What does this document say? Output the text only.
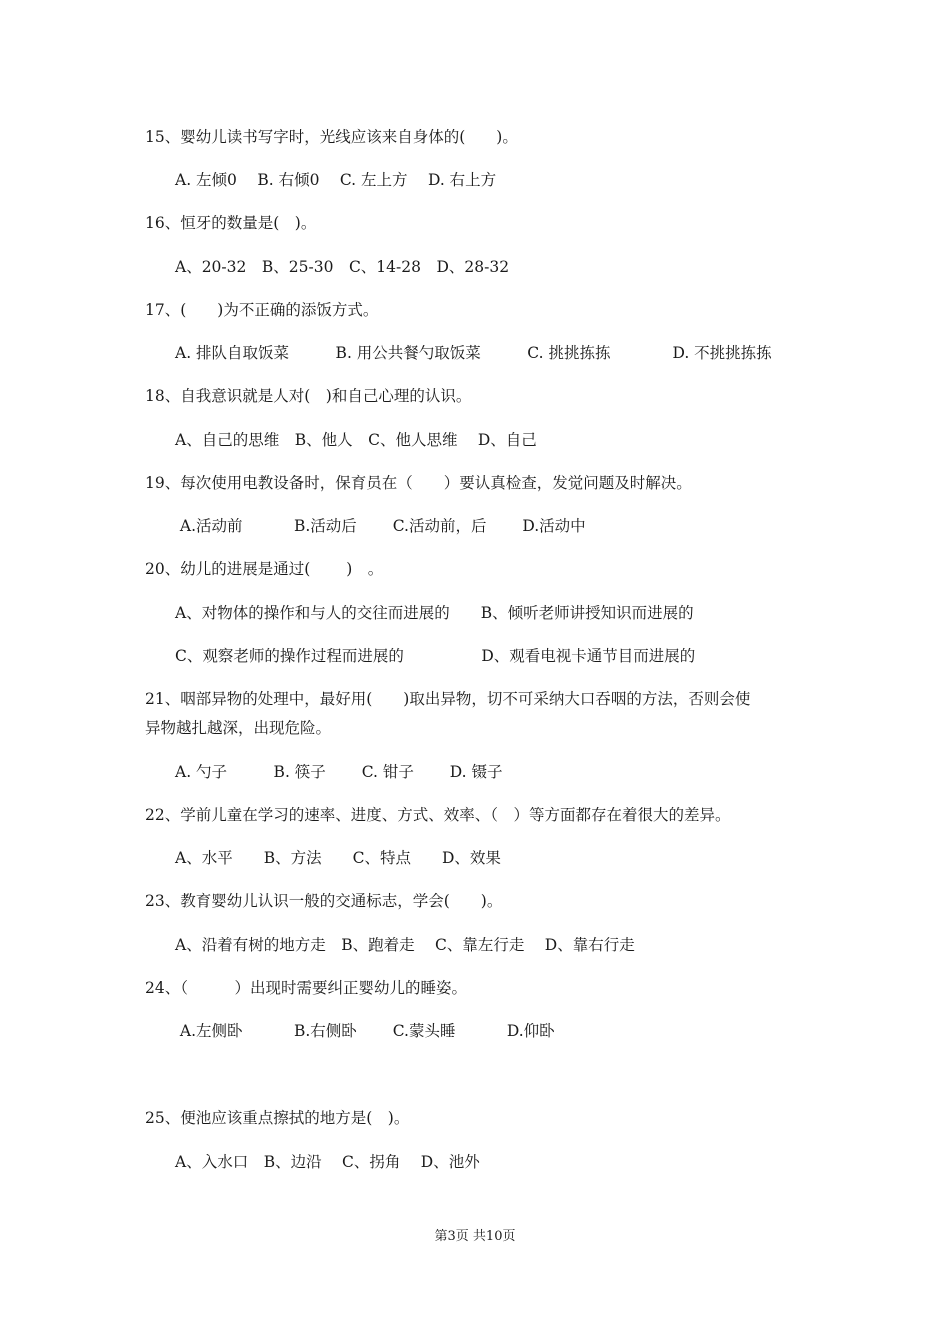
15、婴幼儿读书写字时，光线应该来自身体的(　　)。
A. 左倾0　 B. 右倾0　 C. 左上方　 D. 右上方
16、恒牙的数量是(　)。
A、20-32　B、25-30　C、14-28　D、28-32
17、(　　)为不正确的添饭方式。
A. 排队自取饭菜　　　B. 用公共餐勺取饭菜　　　C. 挑挑拣拣　　　　D. 不挑挑拣拣
18、自我意识就是人对(　)和自己心理的认识。
A、自己的思维　B、他人　C、他人思维　 D、自己
19、每次使用电教设备时，保育员在（　　）要认真检查，发觉问题及时解决。
A.活动前　　　 B.活动后　　 C.活动前，后　　 D.活动中
20、幼儿的进展是通过(　　 )　。
A、对物体的操作和与人的交往而进展的　　B、倾听老师讲授知识而进展的
C、观察老师的操作过程而进展的　　　　　D、观看电视卡通节目而进展的
21、咽部异物的处理中，最好用(　　)取出异物，切不可采纳大口吞咽的方法，否则会使
异物越扎越深，出现危险。
A. 勺子　　　B. 筷子　　 C. 钳子　　 D. 镊子
22、学前儿童在学习的速率、进度、方式、效率、（　）等方面都存在着很大的差异。
A、水平　　B、方法　　C、特点　　D、效果
23、教育婴幼儿认识一般的交通标志，学会(　　)。
A、沿着有树的地方走　B、跑着走　 C、靠左行走　 D、靠右行走
24、（　　　）出现时需要纠正婴幼儿的睡姿。
A.左侧卧　　　 B.右侧卧　　 C.蒙头睡　　　 D.仰卧
25、便池应该重点擦拭的地方是(　)。
A、入水口　B、边沿　 C、拐角　 D、池外
第3页 共10页
